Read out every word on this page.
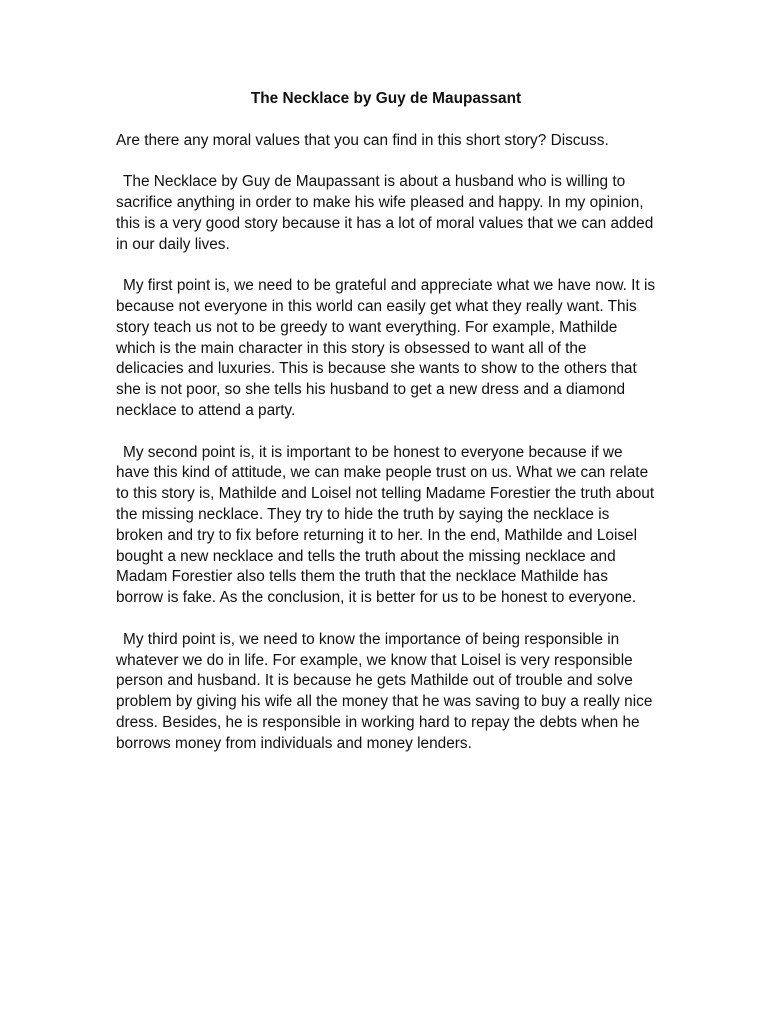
The Necklace by Guy de Maupassant

Are there any moral values that you can find in this short story? Discuss.

The Necklace by Guy de Maupassant is about a husband who is willing to sacrifice anything in order to make his wife pleased and happy. In my opinion, this is a very good story because it has a lot of moral values that we can added in our daily lives.

My first point is, we need to be grateful and appreciate what we have now. It is because not everyone in this world can easily get what they really want. This story teach us not to be greedy to want everything. For example, Mathilde which is the main character in this story is obsessed to want all of the delicacies and luxuries. This is because she wants to show to the others that she is not poor, so she tells his husband to get a new dress and a diamond necklace to attend a party.

My second point is, it is important to be honest to everyone because if we have this kind of attitude, we can make people trust on us. What we can relate to this story is, Mathilde and Loisel not telling Madame Forestier the truth about the missing necklace. They try to hide the truth by saying the necklace is broken and try to fix before returning it to her. In the end, Mathilde and Loisel bought a new necklace and tells the truth about the missing necklace and Madam Forestier also tells them the truth that the necklace Mathilde has borrow is fake. As the conclusion, it is better for us to be honest to everyone.

My third point is, we need to know the importance of being responsible in whatever we do in life. For example, we know that Loisel is very responsible person and husband. It is because he gets Mathilde out of trouble and solve problem by giving his wife all the money that he was saving to buy a really nice dress. Besides, he is responsible in working hard to repay the debts when he borrows money from individuals and money lenders.
